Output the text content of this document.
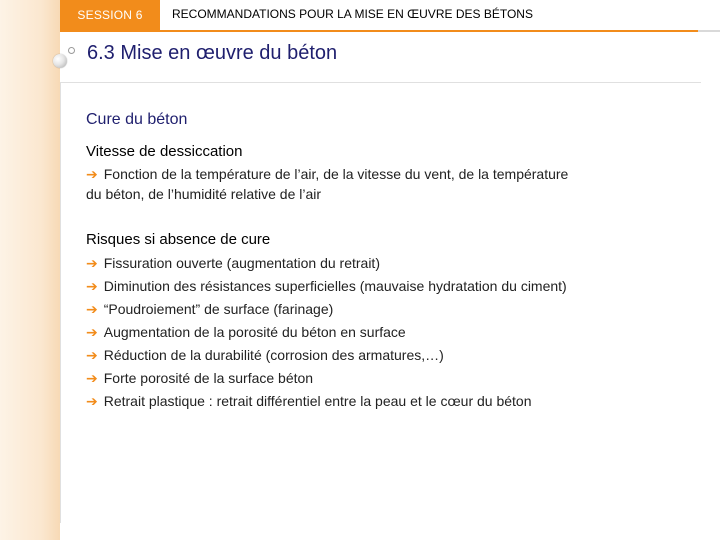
SESSION 6 RECOMMANDATIONS POUR LA MISE EN ŒUVRE DES BÉTONS
6.3 Mise en œuvre du béton
Cure du béton
Vitesse de dessiccation
➔ Fonction de la température de l’air, de la vitesse du vent, de la température
du béton, de l’humidité relative de l’air
Risques si absence de cure
➔ Fissuration ouverte (augmentation du retrait)
➔ Diminution des résistances superficielles (mauvaise hydratation du ciment)
➔ “Poudroiement” de surface (farinage)
➔ Augmentation de la porosité du béton en surface
➔ Réduction de la durabilité (corrosion des armatures,…)
➔ Forte porosité de la surface béton
➔ Retrait plastique : retrait différentiel entre la peau et le cœur du béton
